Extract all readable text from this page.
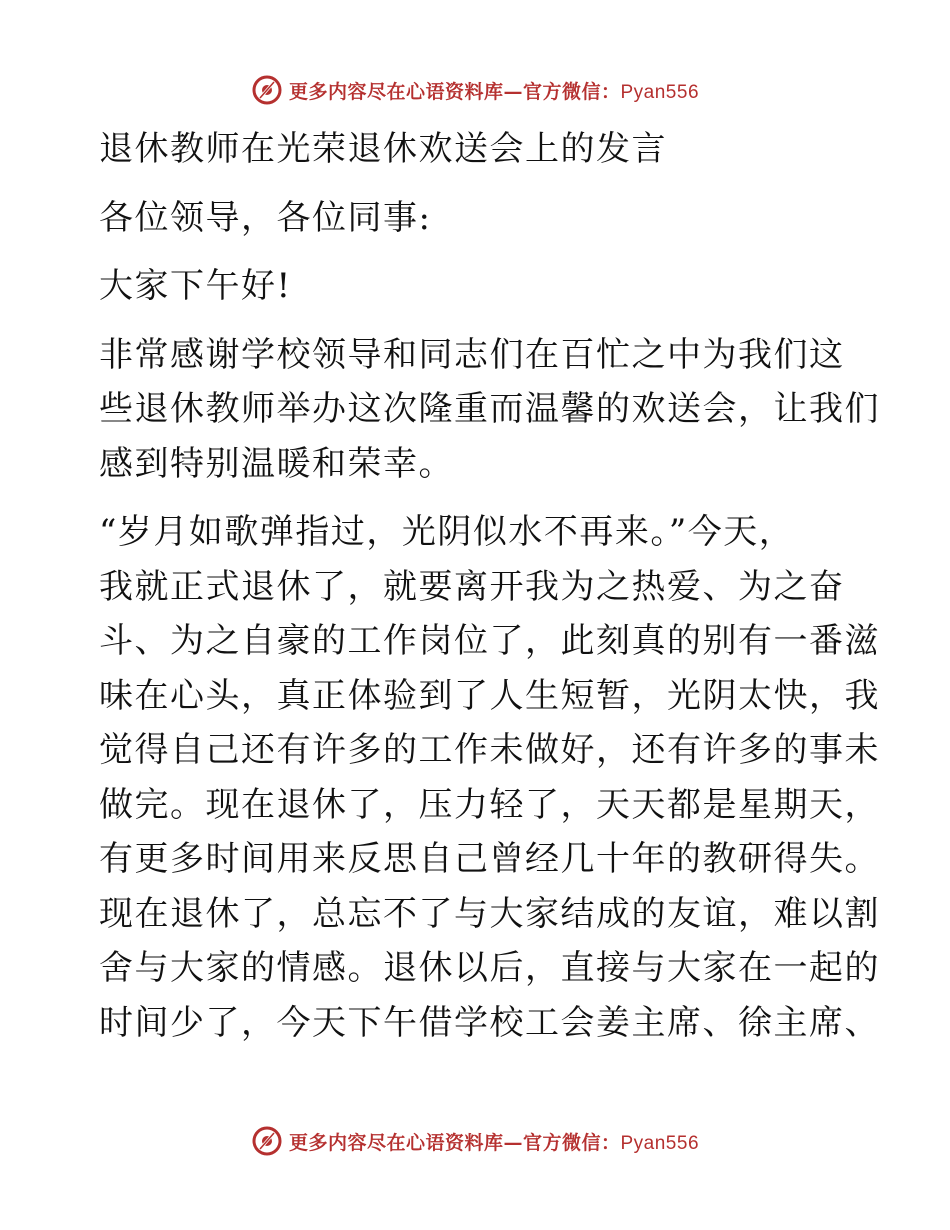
更多内容尽在心语资料库—官方微信：Pyan556
退休教师在光荣退休欢送会上的发言
各位领导，各位同事:
大家下午好!
非常感谢学校领导和同志们在百忙之中为我们这
些退休教师举办这次隆重而温馨的欢送会，让我们
感到特别温暖和荣幸。
“岁月如歌弹指过，光阴似水不再来。”今天，
我就正式退休了，就要离开我为之热爱、为之奋
斗、为之自豪的工作岗位了，此刻真的别有一番滋
味在心头，真正体验到了人生短暂，光阴太快，我
觉得自己还有许多的工作未做好，还有许多的事未
做完。现在退休了，压力轻了，天天都是星期天，
有更多时间用来反思自己曾经几十年的教研得失。
现在退休了，总忘不了与大家结成的友谊，难以割
舍与大家的情感。退休以后，直接与大家在一起的
时间少了，今天下午借学校工会姜主席、徐主席、
更多内容尽在心语资料库—官方微信：Pyan556
